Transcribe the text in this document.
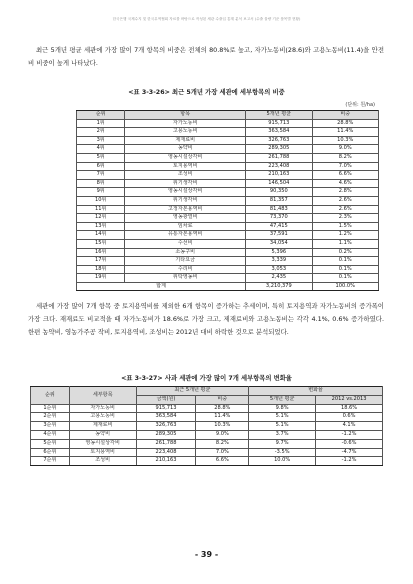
한국은행 국제수지 및 한국무역협회 자료를 바탕으로 작성된 세관 수출입 통계 분석 보고서 (수출 물량 기준 품목별 현황)
최근 5개년 평균 세관에 가장 많이 7개 항목의 비중은 전체의 80.8%로 높고, 자가노동비(28.6)와 고용노동비(11.4)을 안전비 비중이 높게 나타났다.
<표 3-3-26> 최근 5개년 가장 세관에 세부항목의 비중
(단위: 원/ha)
순위	항목	5개년 평균	비중
1위	자가노동비	915,713	28.8%
2위	고용노동비	363,584	11.4%
3위	제재료비	326,763	10.3%
4위	농약비	289,305	9.0%
5위	영농시설상각비	261,788	8.2%
6위	토지용역비	223,408	7.0%
7위	조성비	210,163	6.6%
8위	위기생각비	146,504	4.6%
9위	영농시설상각비	90,350	2.8%
10위	위기생각비	81,357	2.6%
11위	고정자본용역비	81,483	2.6%
12위	영농광열비	73,370	2.3%
13위	임차료	47,415	1.5%
14위	유통자본용역비	37,591	1.2%
15위	수선비	34,054	1.1%
16위	소농구비	5,396	0.2%
17위	기타요금	3,339	0.1%
18위	수리비	3,053	0.1%
19위	위탁영농비	2,435	0.1%
합계		3,210,379	100.0%
세관에 가장 많이 7개 항목 중 토지용역비를 제외한 6개 항목이 증가하는 추세이며, 특히 토지용역과 자가노동비의 증가폭이 가장 크다. 재재료도 비교적을 때 자가노동비가 18.6%로 가장 크고, 제재료비와 고용노동비는 각각 4.1%, 0.6% 증가하였다. 한편 농약비, 영농가주공 작비, 토지용역비, 조성비는 2012년 대비 하락한 것으로 분석되었다.
<표 3-3-27> 사과 세관에 가장 많이 7개 세부항목의 변화율
순위	세부항목	최근 5개년 평균		변화율	
		금액(원)	비중	5개년 평균	2012 vs.2013
1순위	자가노동비	915,713	28.8%	9.8%	18.6%
2순위	고용노동비	363,584	11.4%	5.1%	0.6%
3순위	제재료비	326,763	10.3%	5.1%	4.1%
4순위	농약비	289,305	9.0%	3.7%	-1.2%
5순위	영농시설상각비	261,788	8.2%	9.7%	-0.6%
6순위	토지용역비	223,408	7.0%	-3.5%	-4.7%
7순위	조성비	210,163	6.6%	10.0%	-1.2%
- 39 -
